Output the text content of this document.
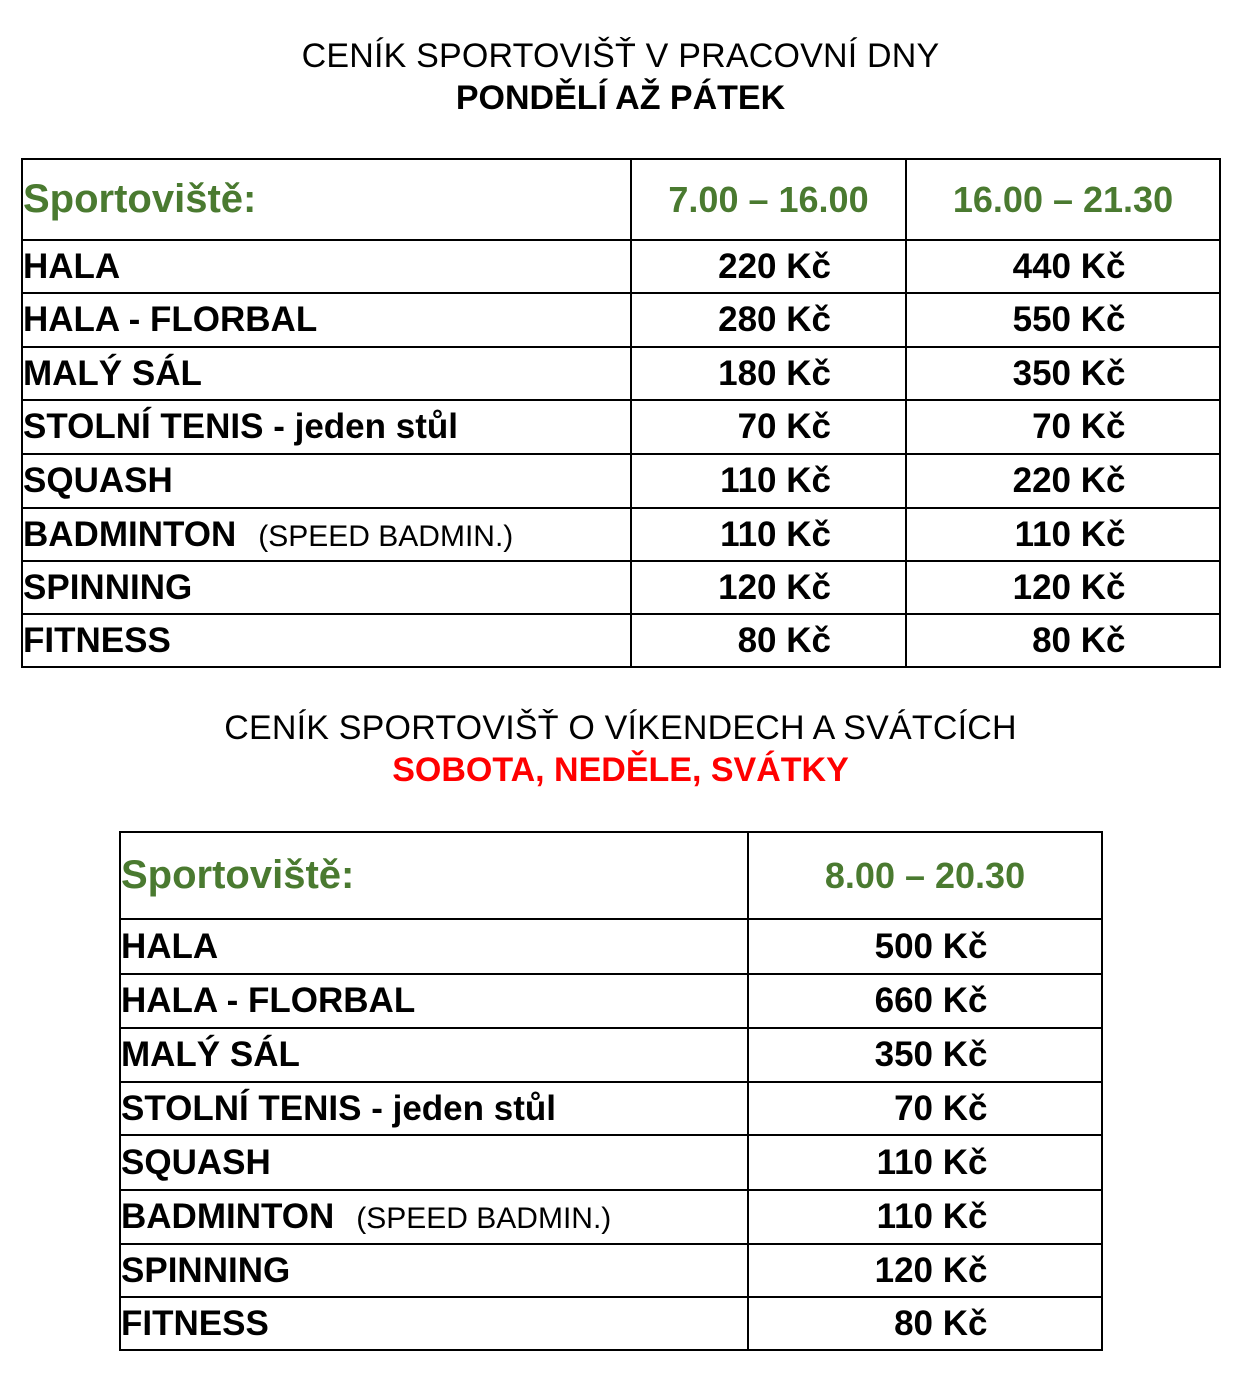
CENÍK SPORTOVIŠŤ V PRACOVNÍ DNY
PONDĚLÍ AŽ PÁTEK
Sportoviště:	7.00 – 16.00	16.00 – 21.30
HALA	220 Kč	440 Kč
HALA - FLORBAL	280 Kč	550 Kč
MALÝ SÁL	180 Kč	350 Kč
STOLNÍ TENIS - jeden stůl	70 Kč	70 Kč
SQUASH	110 Kč	220 Kč
BADMINTON (SPEED BADMIN.)	110 Kč	110 Kč
SPINNING	120 Kč	120 Kč
FITNESS	80 Kč	80 Kč
CENÍK SPORTOVIŠŤ O VÍKENDECH A SVÁTCÍCH
SOBOTA, NEDĚLE, SVÁTKY
Sportoviště:	8.00 – 20.30
HALA	500 Kč
HALA - FLORBAL	660 Kč
MALÝ SÁL	350 Kč
STOLNÍ TENIS - jeden stůl	70 Kč
SQUASH	110 Kč
BADMINTON (SPEED BADMIN.)	110 Kč
SPINNING	120 Kč
FITNESS	80 Kč
